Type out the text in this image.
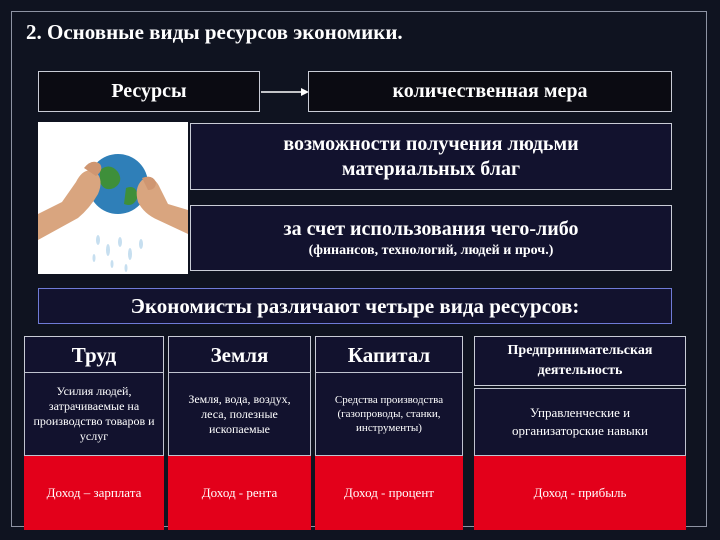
2. Основные виды ресурсов экономики.
Ресурсы	количественная мера
возможности получения людьми материальных благ
за счет использования чего-либо
(финансов, технологий, людей и проч.)
Экономисты различают четыре вида ресурсов:
Труд
Усилия людей, затрачиваемые на производство товаров и услуг
Доход – зарплата
Земля
Земля, вода, воздух, леса, полезные ископаемые
Доход - рента
Капитал
Средства производства (газопроводы, станки, инструменты)
Доход - процент
Предпринимательская деятельность
Управленческие и организаторские навыки
Доход - прибыль
